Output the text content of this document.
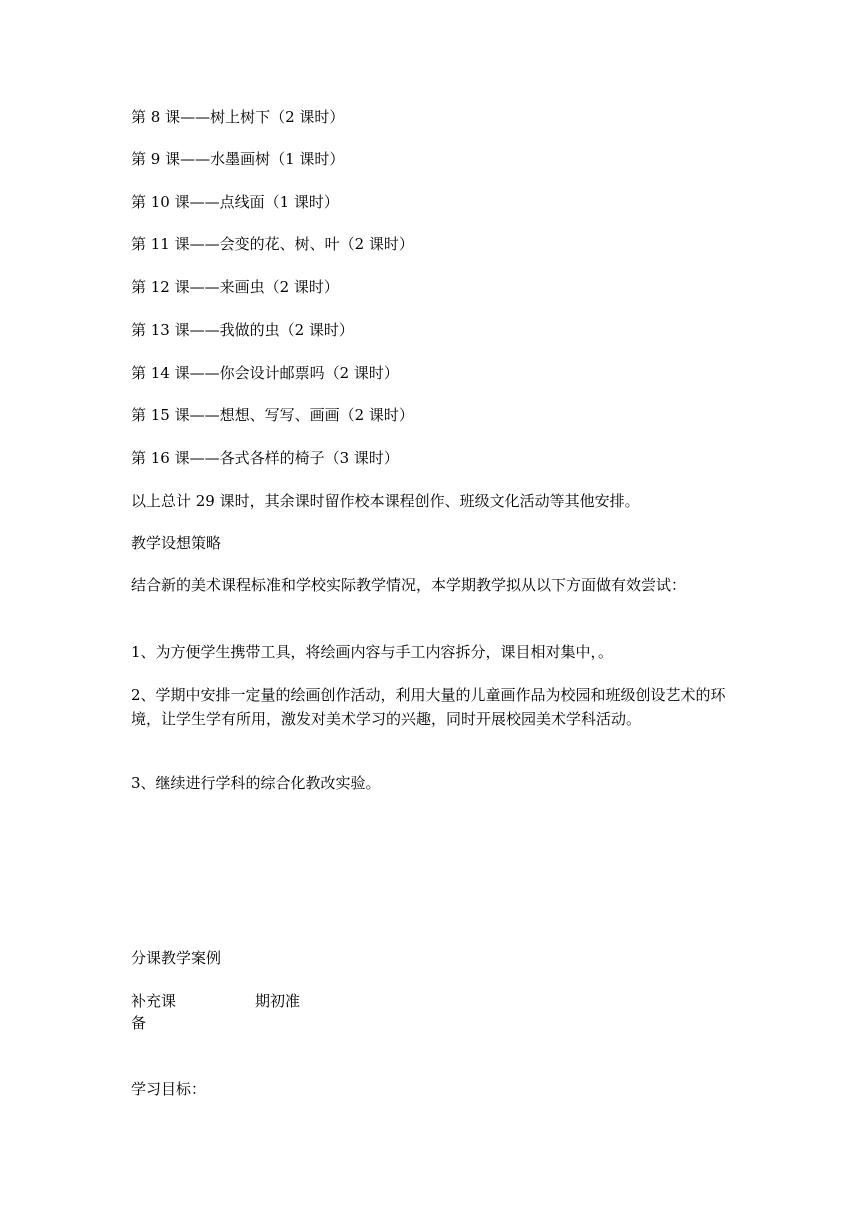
第 8 课——树上树下（2 课时）
第 9 课——水墨画树（1 课时）
第 10 课——点线面（1 课时）
第 11 课——会变的花、树、叶（2 课时）
第 12 课——来画虫（2 课时）
第 13 课——我做的虫（2 课时）
第 14 课——你会设计邮票吗（2 课时）
第 15 课——想想、写写、画画（2 课时）
第 16 课——各式各样的椅子（3 课时）
以上总计 29 课时，其余课时留作校本课程创作、班级文化活动等其他安排。
教学设想策略
结合新的美术课程标准和学校实际教学情况，本学期教学拟从以下方面做有效尝试：
1、为方便学生携带工具，将绘画内容与手工内容拆分，课目相对集中，。
2、学期中安排一定量的绘画创作活动，利用大量的儿童画作品为校园和班级创设艺术的环境，让学生学有所用，激发对美术学习的兴趣，同时开展校园美术学科活动。
3、继续进行学科的综合化教改实验。
分课教学案例
补充课
备
期初准
学习目标：
